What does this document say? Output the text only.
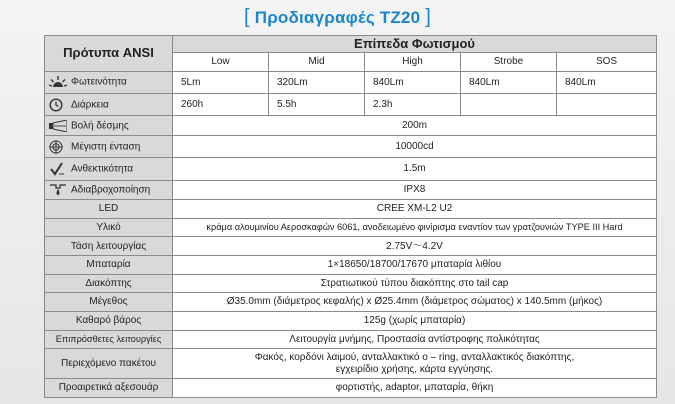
[ Προδιαγραφές TZ20 ]
Πρότυπα ANSI	Επίπεδα Φωτισμού				
	Low	Mid	High	Strobe	SOS

Φωτεινότητα	5Lm	320Lm	840Lm	840Lm	840Lm

Διάρκεια	260h	5.5h	2.3h		

Βολή δέσμης	200m				

Μέγιστη ένταση	10000cd				

Ανθεκτικότητα	1.5m				

Αδιαβροχοποίηση	IPX8				
LED	CREE XM-L2 U2				
Υλικό	κράμα αλουμινίου Αεροσκαφών 6061, ανοδειωμένο φινίρισμα εναντίον των γρατζουνιών TYPE III Hard				
Τάση λειτουργίας	2.75V～4.2V				
Μπαταρία	1×18650/18700/17670 μπαταρία λιθίου				
Διακόπτης	Στρατιωτικού τύπου διακόπτης στο tail cap				
Μέγεθος	Ø35.0mm (διάμετρος κεφαλής) x Ø25.4mm (διάμετρος σώματος) x 140.5mm (μήκος)				
Καθαρό βάρος	125g (χωρίς μπαταρία)				
Επιπρόσθετες λειτουργίες	Λειτουργία μνήμης, Προστασία αντίστροφης πολικότητας				
Περιεχόμενο πακέτου	Φακός, κορδόνι λαιμού, ανταλλακτικό ο – ring, ανταλλακτικός διακόπτης,
εγχειρίδιο χρήσης, κάρτα εγγύησης.				

Προαιρετικά αξεσουάρ	φορτιστής, adaptor, μπαταρία, θήκη				
